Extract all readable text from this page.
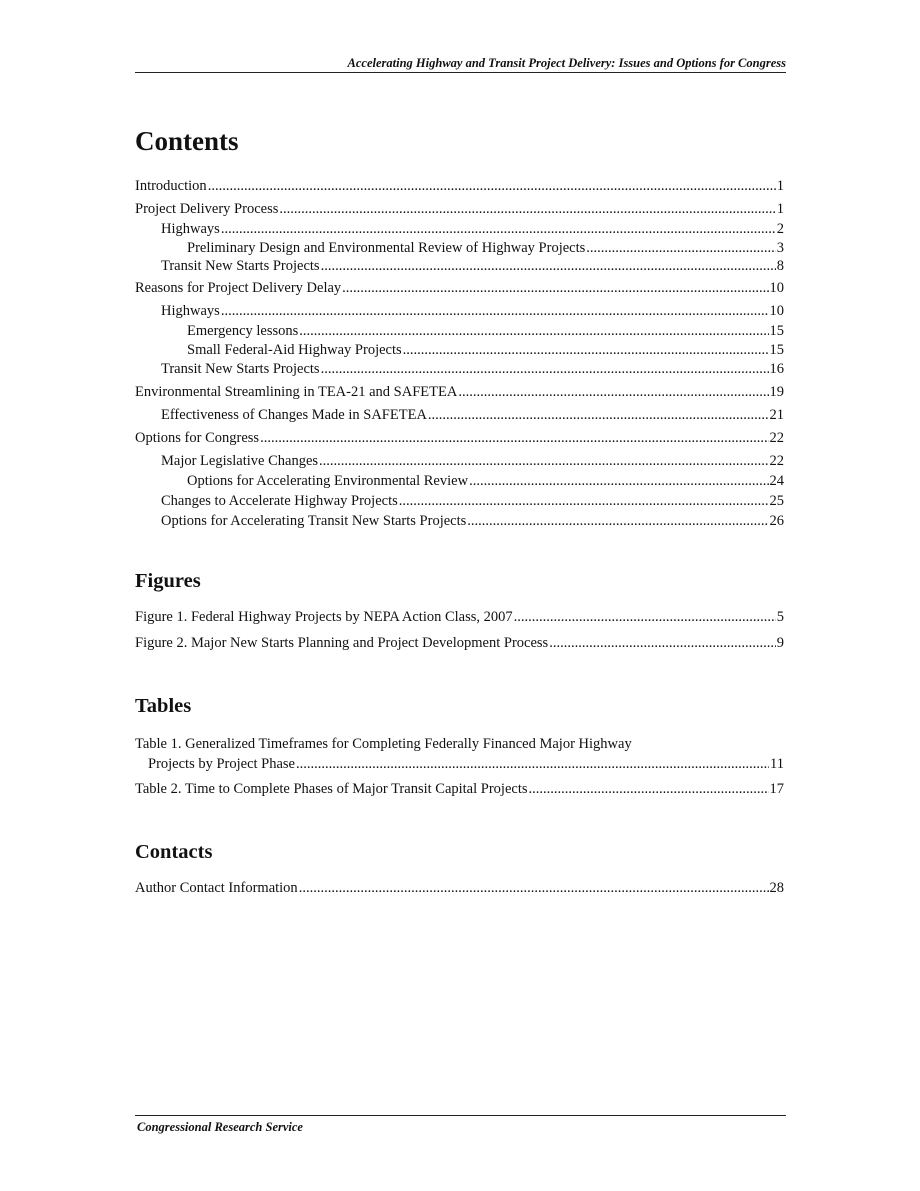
Accelerating Highway and Transit Project Delivery: Issues and Options for Congress
Contents
Introduction .....	1
Project Delivery Process .....	1
Highways .....	2
Preliminary Design and Environmental Review of Highway Projects .....	3
Transit New Starts Projects .....	8
Reasons for Project Delivery Delay .....	10
Highways .....	10
Emergency lessons .....	15
Small Federal-Aid Highway Projects .....	15
Transit New Starts Projects .....	16
Environmental Streamlining in TEA-21 and SAFETEA .....	19
Effectiveness of Changes Made in SAFETEA .....	21
Options for Congress .....	22
Major Legislative Changes .....	22
Options for Accelerating Environmental Review .....	24
Changes to Accelerate Highway Projects .....	25
Options for Accelerating Transit New Starts Projects .....	26
Figures
Figure 1. Federal Highway Projects by NEPA Action Class, 2007 .....	5
Figure 2. Major New Starts Planning and Project Development Process .....	9
Tables
Table 1. Generalized Timeframes for Completing Federally Financed Major Highway
Projects by Project Phase .....	11
Table 2. Time to Complete Phases of Major Transit Capital Projects .....	17
Contacts
Author Contact Information .....	28
Congressional Research Service
